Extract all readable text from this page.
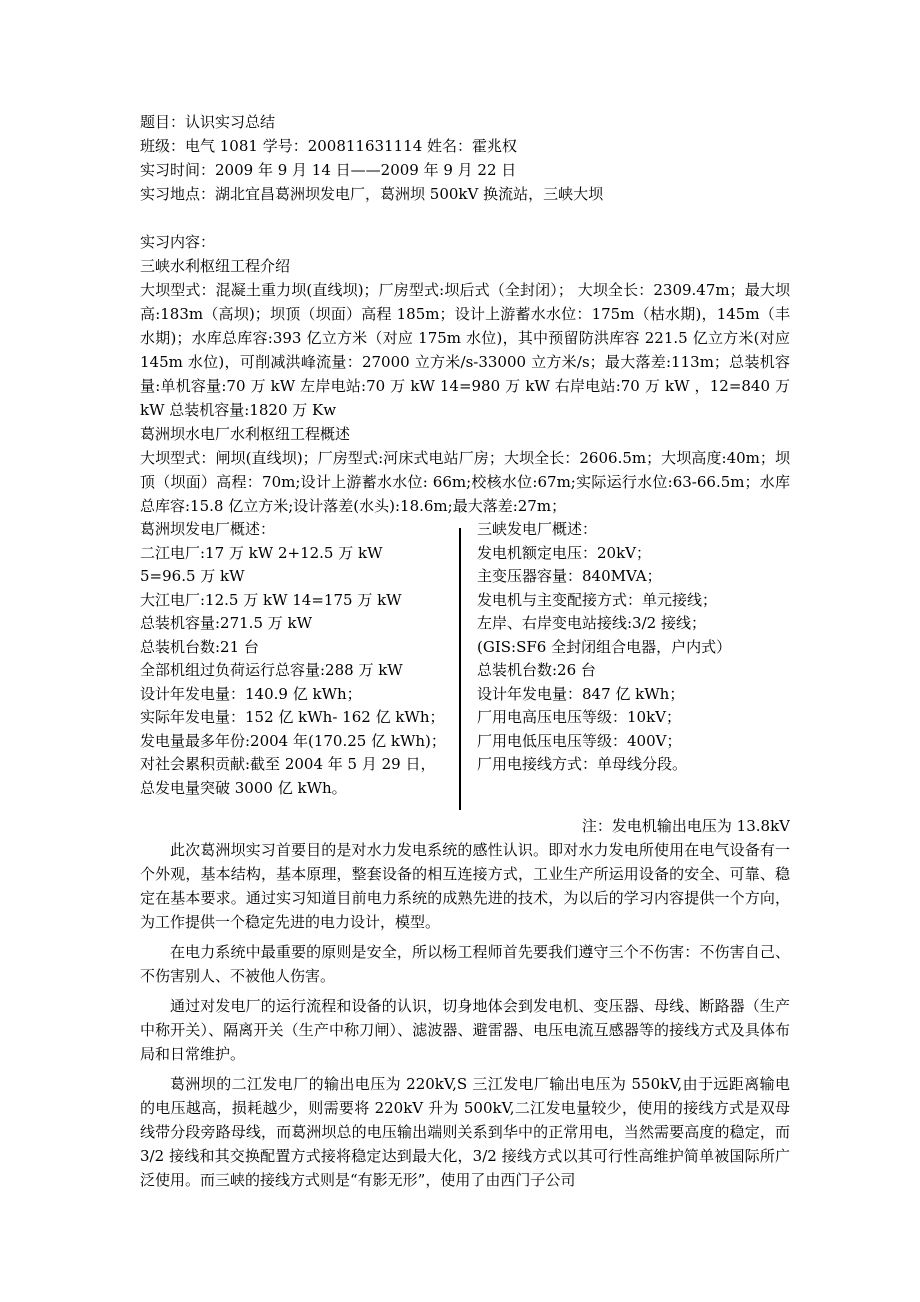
题目：认识实习总结
班级：电气 1081 学号：200811631114 姓名：霍兆权
实习时间：2009 年 9 月 14 日——2009 年 9 月 22 日
实习地点：湖北宜昌葛洲坝发电厂，葛洲坝 500kV 换流站，三峡大坝
实习内容：
三峡水利枢纽工程介绍

大坝型式：混凝土重力坝(直线坝)；厂房型式:坝后式（全封闭）； 大坝全长：2309.47m；最大坝高:183m（高坝)；坝顶（坝面）高程 185m；设计上游蓄水水位：175m（枯水期)，145m（丰水期)；水库总库容:393 亿立方米（对应 175m 水位)，其中预留防洪库容 221.5 亿立方米(对应 145m 水位)，可削减洪峰流量：27000 立方米/s-33000 立方米/s；最大落差:113m；总装机容量:单机容量:70 万 kW 左岸电站:70 万 kW 14=980 万 kW 右岸电站:70 万 kW ，12=840 万 kW 总装机容量:1820 万 Kw

葛洲坝水电厂水利枢纽工程概述

大坝型式：闸坝(直线坝)；厂房型式:河床式电站厂房；大坝全长：2606.5m；大坝高度:40m；坝顶（坝面）高程：70m;设计上游蓄水水位: 66m;校核水位:67m;实际运行水位:63-66.5m；水库总库容:15.8 亿立方米;设计落差(水头):18.6m;最大落差:27m；

葛洲坝发电厂概述：
二江电厂:17 万 kW 2+12.5 万 kW
5=96.5 万 kW
大江电厂:12.5 万 kW 14=175 万 kW
总装机容量:271.5 万 kW
总装机台数:21 台
全部机组过负荷运行总容量:288 万 kW
设计年发电量：140.9 亿 kWh；
实际年发电量：152 亿 kWh- 162 亿 kWh；
发电量最多年份:2004 年(170.25 亿 kWh)；
对社会累积贡献:截至 2004 年 5 月 29 日，
总发电量突破 3000 亿 kWh。
三峡发电厂概述：
发电机额定电压：20kV；
主变压器容量：840MVA；
发电机与主变配接方式：单元接线；
左岸、右岸变电站接线:3/2 接线；
(GIS:SF6 全封闭组合电器，户内式）
总装机台数:26 台
设计年发电量：847 亿 kWh；
厂用电高压电压等级：10kV；
厂用电低压电压等级：400V；
厂用电接线方式：单母线分段。
注：发电机输出电压为 13.8kV

此次葛洲坝实习首要目的是对水力发电系统的感性认识。即对水力发电所使用在电气设备有一个外观，基本结构，基本原理，整套设备的相互连接方式，工业生产所运用设备的安全、可靠、稳定在基本要求。通过实习知道目前电力系统的成熟先进的技术，为以后的学习内容提供一个方向，为工作提供一个稳定先进的电力设计，模型。

在电力系统中最重要的原则是安全，所以杨工程师首先要我们遵守三个不伤害：不伤害自己、不伤害别人、不被他人伤害。

通过对发电厂的运行流程和设备的认识，切身地体会到发电机、变压器、母线、断路器（生产中称开关）、隔离开关（生产中称刀闸）、滤波器、避雷器、电压电流互感器等的接线方式及具体布局和日常维护。

葛洲坝的二江发电厂的输出电压为 220kV,S 三江发电厂输出电压为 550kV,由于远距离输电的电压越高，损耗越少，则需要将 220kV 升为 500kV,二江发电量较少，使用的接线方式是双母线带分段旁路母线，而葛洲坝总的电压输出端则关系到华中的正常用电，当然需要高度的稳定，而 3/2 接线和其交换配置方式接将稳定达到最大化，3/2 接线方式以其可行性高维护简单被国际所广泛使用。而三峡的接线方式则是“有影无形”，使用了由西门子公司
